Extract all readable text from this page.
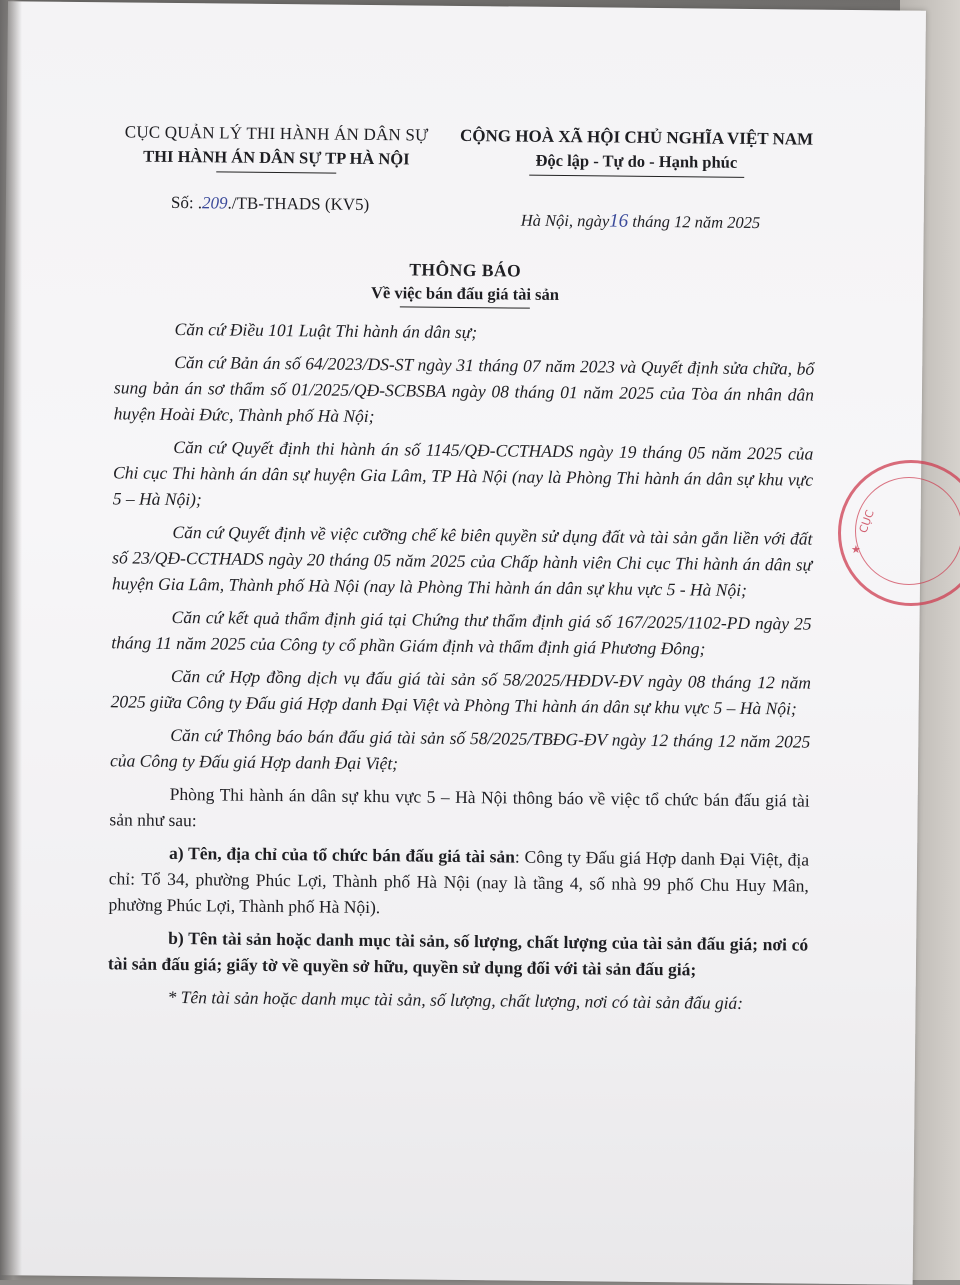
CỤC QUẢN LÝ THI HÀNH ÁN DÂN SỰ
THI HÀNH ÁN DÂN SỰ TP HÀ NỘI
CỘNG HOÀ XÃ HỘI CHỦ NGHĨA VIỆT NAM
Độc lập - Tự do - Hạnh phúc
Số: .209./TB-THADS (KV5)
Hà Nội, ngày16 tháng 12 năm 2025
THÔNG BÁO
Về việc bán đấu giá tài sản

Căn cứ Điều 101 Luật Thi hành án dân sự;

Căn cứ Bản án số 64/2023/DS-ST ngày 31 tháng 07 năm 2023 và Quyết định sửa chữa, bổ sung bản án sơ thẩm số 01/2025/QĐ-SCBSBA ngày 08 tháng 01 năm 2025 của Tòa án nhân dân huyện Hoài Đức, Thành phố Hà Nội;

Căn cứ Quyết định thi hành án số 1145/QĐ-CCTHADS ngày 19 tháng 05 năm 2025 của Chi cục Thi hành án dân sự huyện Gia Lâm, TP Hà Nội (nay là Phòng Thi hành án dân sự khu vực 5 – Hà Nội);

Căn cứ Quyết định về việc cưỡng chế kê biên quyền sử dụng đất và tài sản gắn liền với đất số 23/QĐ-CCTHADS ngày 20 tháng 05 năm 2025 của Chấp hành viên Chi cục Thi hành án dân sự huyện Gia Lâm, Thành phố Hà Nội (nay là Phòng Thi hành án dân sự khu vực 5 - Hà Nội;

Căn cứ kết quả thẩm định giá tại Chứng thư thẩm định giá số 167/2025/1102-PD ngày 25 tháng 11 năm 2025 của Công ty cổ phần Giám định và thẩm định giá Phương Đông;

Căn cứ Hợp đồng dịch vụ đấu giá tài sản số 58/2025/HĐDV-ĐV ngày 08 tháng 12 năm 2025 giữa Công ty Đấu giá Hợp danh Đại Việt và Phòng Thi hành án dân sự khu vực 5 – Hà Nội;

Căn cứ Thông báo bán đấu giá tài sản số 58/2025/TBĐG-ĐV ngày 12 tháng 12 năm 2025 của Công ty Đấu giá Hợp danh Đại Việt;

Phòng Thi hành án dân sự khu vực 5 – Hà Nội thông báo về việc tổ chức bán đấu giá tài sản như sau:

a) Tên, địa chỉ của tổ chức bán đấu giá tài sản: Công ty Đấu giá Hợp danh Đại Việt, địa chỉ: Tổ 34, phường Phúc Lợi, Thành phố Hà Nội (nay là tầng 4, số nhà 99 phố Chu Huy Mân, phường Phúc Lợi, Thành phố Hà Nội).

b) Tên tài sản hoặc danh mục tài sản, số lượng, chất lượng của tài sản đấu giá; nơi có tài sản đấu giá; giấy tờ về quyền sở hữu, quyền sử dụng đối với tài sản đấu giá;

* Tên tài sản hoặc danh mục tài sản, số lượng, chất lượng, nơi có tài sản đấu giá:

CỤC
★
